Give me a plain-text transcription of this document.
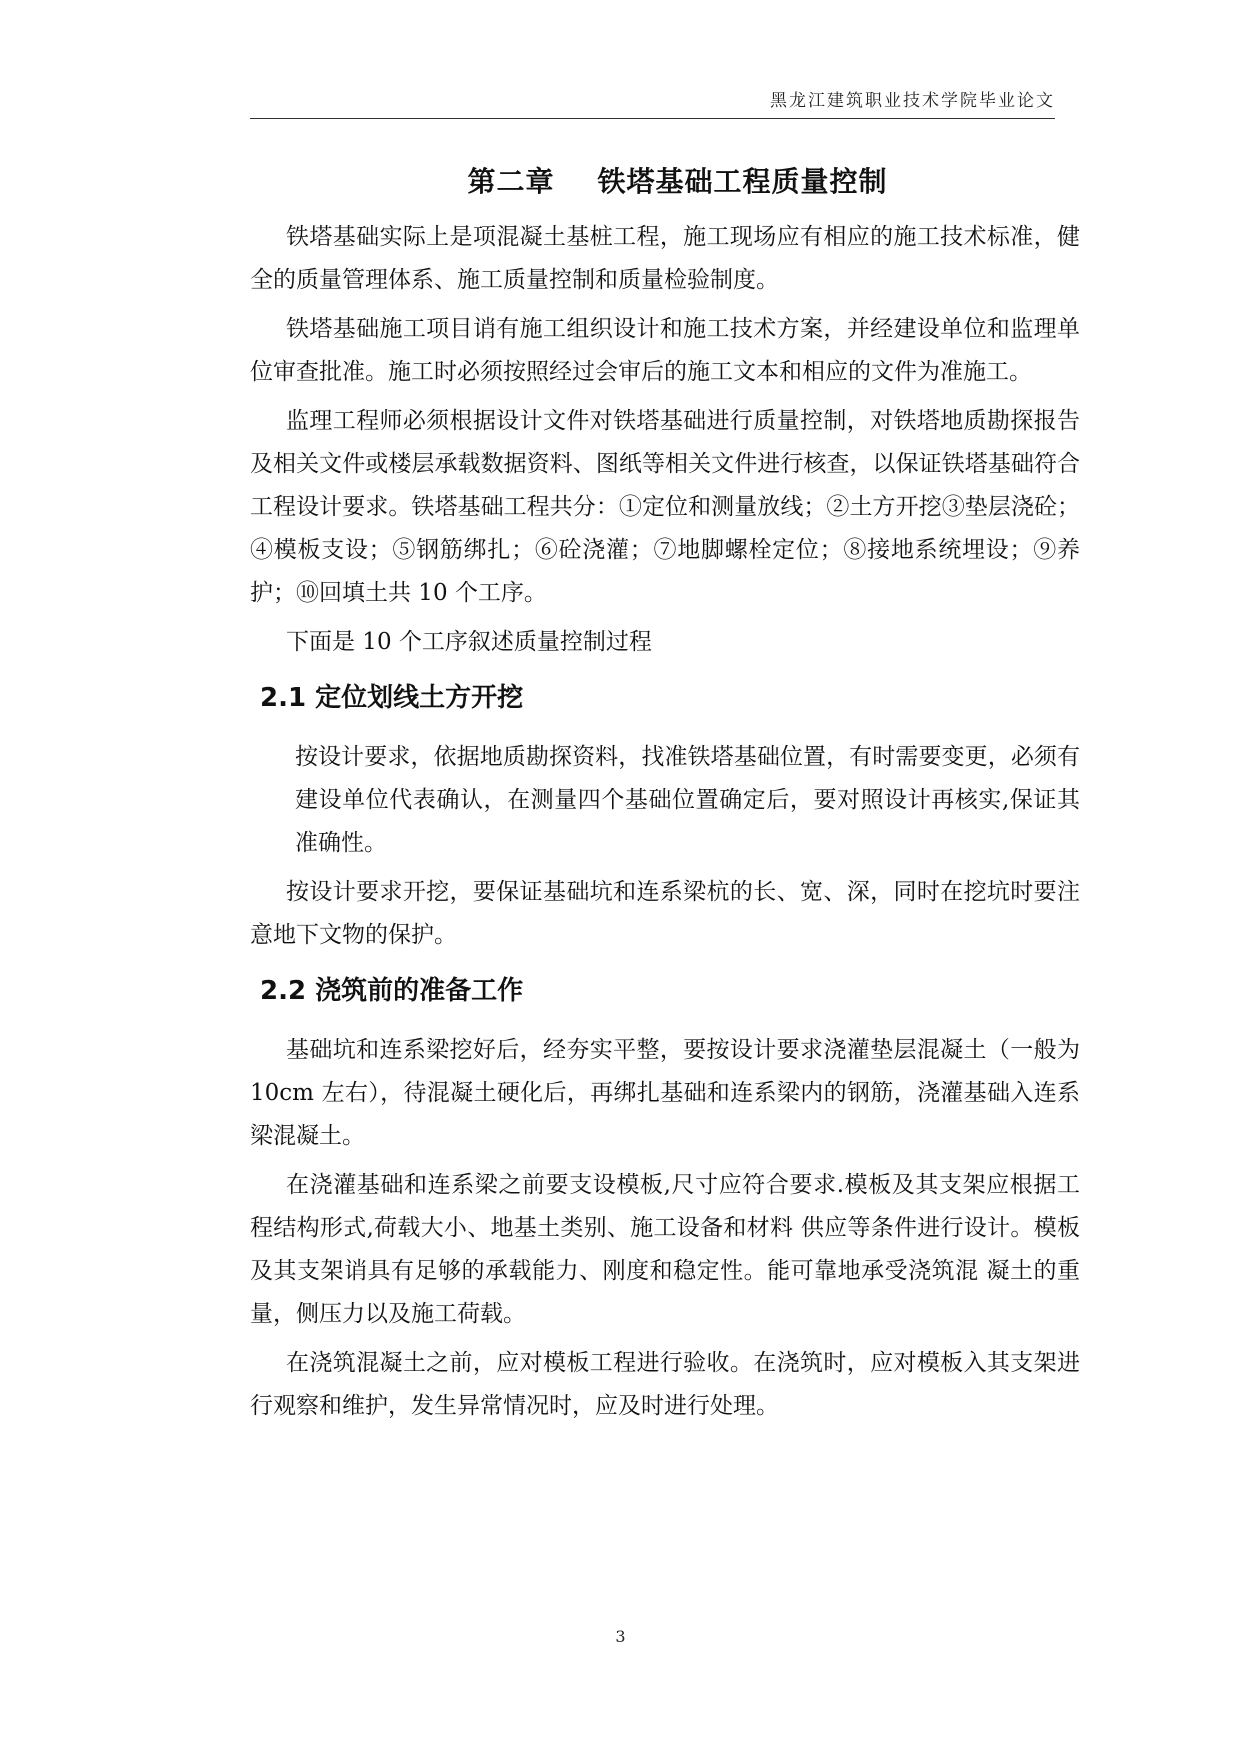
黑龙江建筑职业技术学院毕业论文
第二章    铁塔基础工程质量控制

铁塔基础实际上是项混凝土基桩工程，施工现场应有相应的施工技术标准，健全的质量管理体系、施工质量控制和质量检验制度。

铁塔基础施工项目诮有施工组织设计和施工技术方案，并经建设单位和监理单位审查批准。施工时必须按照经过会审后的施工文本和相应的文件为准施工。

监理工程师必须根据设计文件对铁塔基础进行质量控制，对铁塔地质勘探报告及相关文件或楼层承载数据资料、图纸等相关文件进行核查，以保证铁塔基础符合工程设计要求。铁塔基础工程共分：①定位和测量放线；②土方开挖③垫层浇砼；④模板支设；⑤钢筋绑扎；⑥砼浇灌；⑦地脚螺栓定位；⑧接地系统埋设；⑨养护；⑩回填土共 10 个工序。

下面是 10 个工序叙述质量控制过程

2.1 定位划线土方开挖

按设计要求，依据地质勘探资料，找准铁塔基础位置，有时需要变更，必须有建设单位代表确认，在测量四个基础位置确定后，要对照设计再核实,保证其准确性。

按设计要求开挖，要保证基础坑和连系梁杭的长、宽、深，同时在挖坑时要注意地下文物的保护。

2.2 浇筑前的准备工作

基础坑和连系梁挖好后，经夯实平整，要按设计要求浇灌垫层混凝土（一般为 10cm 左右），待混凝土硬化后，再绑扎基础和连系梁内的钢筋，浇灌基础入连系梁混凝土。

在浇灌基础和连系梁之前要支设模板,尺寸应符合要求.模板及其支架应根据工程结构形式,荷载大小、地基土类别、施工设备和材料 供应等条件进行设计。模板及其支架诮具有足够的承载能力、刚度和稳定性。能可靠地承受浇筑混 凝土的重量，侧压力以及施工荷载。

在浇筑混凝土之前，应对模板工程进行验收。在浇筑时，应对模板入其支架进行观察和维护，发生异常情况时，应及时进行处理。

3
